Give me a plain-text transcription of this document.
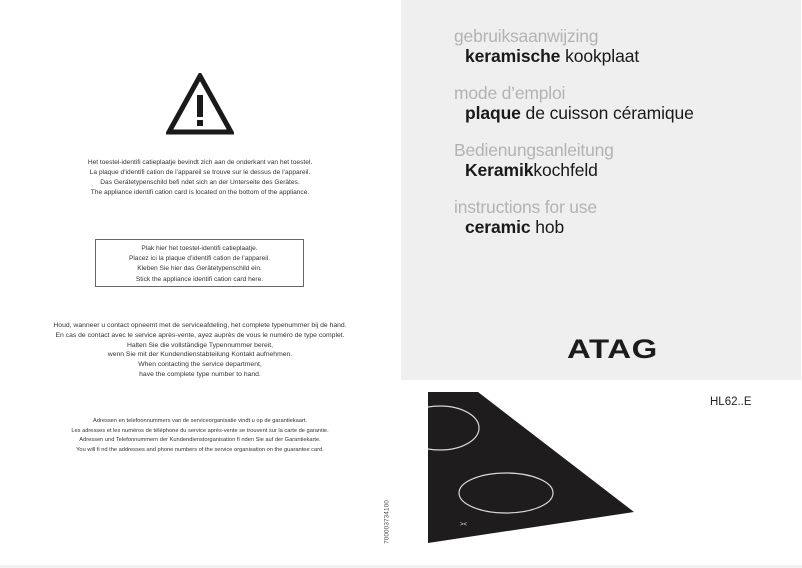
Het toestel-identifi catieplaatje bevindt zich aan de onderkant van het toestel.
La plaque d’identifi cation de l’appareil se trouve sur le dessus de l’appareil.
Das Gerätetypenschild befi ndet sich an der Unterseite des Gerätes.
The appliance identifi cation card is located on the bottom of the appliance.
Plak hier het toestel-identifi catieplaatje.
Placez ici la plaque d’identifi cation de l’appareil.
Kleben Sie hier das Gerätetypenschild ein.
Stick the appliance identifi cation card here.
Houd, wanneer u contact opneemt met de serviceafdeling, het complete typenummer bij de hand.
En cas de contact avec le service après-vente, ayez auprès de vous le numéro de type complet.
Halten Sie die vollständige Typennummer bereit,
wenn Sie mit der Kundendienstabteilung Kontakt aufnehmen.
When contacting the service department,
have the complete type number to hand.
Adressen en telefoonnummers van de serviceorganisatie vindt u op de garantiekaart.
Les adresses et les numéros de téléphone du service après-vente se trouvent sur la carte de garantie.
Adressen und Telefonnummern der Kundendienstorganisation fi nden Sie auf der Garantiekarte.
You will fi nd the addresses and phone numbers of the service organisation on the guarantee card.
700003734100
gebruiksaanwijzing
keramische kookplaat
mode d’emploi
plaque de cuisson céramique
Bedienungsanleitung
Keramikkochfeld
instructions for use
ceramic hob
ATAG
HL62..E
><
